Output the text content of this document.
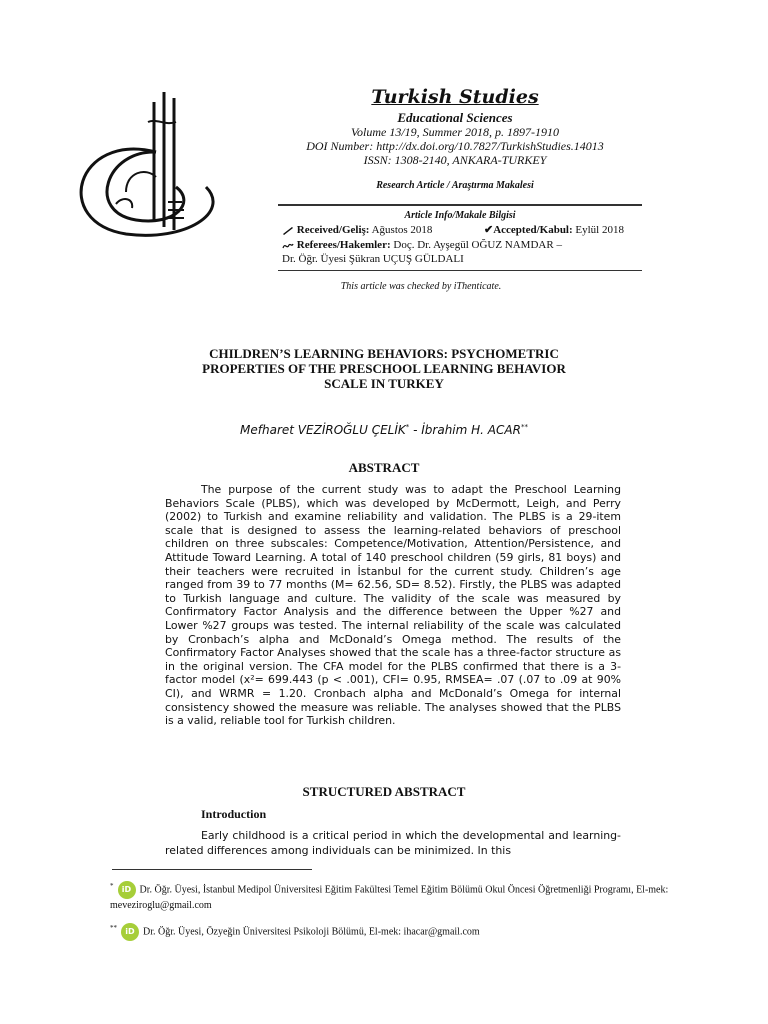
Turkish Studies
Educational Sciences
Volume 13/19, Summer 2018, p. 1897-1910
DOI Number: http://dx.doi.org/10.7827/TurkishStudies.14013
ISSN: 1308-2140, ANKARA-TURKEY
Research Article / Araştırma Makalesi
Article Info/Makale Bilgisi
Received/Geliş: Ağustos 2018	✔Accepted/Kabul: Eylül 2018
Referees/Hakemler: Doç. Dr. Ayşegül OĞUZ NAMDAR –
Dr. Öğr. Üyesi Şükran UÇUŞ GÜLDALI
This article was checked by iThenticate.
CHILDREN’S LEARNING BEHAVIORS: PSYCHOMETRIC
PROPERTIES OF THE PRESCHOOL LEARNING BEHAVIOR
SCALE IN TURKEY
Mefharet VEZİROĞLU ÇELİK* - İbrahim H. ACAR**
ABSTRACT

The purpose of the current study was to adapt the Preschool Learning Behaviors Scale (PLBS), which was developed by McDermott, Leigh, and Perry (2002) to Turkish and examine reliability and validation. The PLBS is a 29-item scale that is designed to assess the learning-related behaviors of preschool children on three subscales: Competence/Motivation, Attention/Persistence, and Attitude Toward Learning. A total of 140 preschool children (59 girls, 81 boys) and their teachers were recruited in İstanbul for the current study. Children’s age ranged from 39 to 77 months (M= 62.56, SD= 8.52). Firstly, the PLBS was adapted to Turkish language and culture. The validity of the scale was measured by Confirmatory Factor Analysis and the difference between the Upper %27 and Lower %27 groups was tested. The internal reliability of the scale was calculated by Cronbach’s alpha and McDonald’s Omega method. The results of the Confirmatory Factor Analyses showed that the scale has a three-factor structure as in the original version. The CFA model for the PLBS confirmed that there is a 3-factor model (x²= 699.443 (p < .001), CFI= 0.95, RMSEA= .07 (.07 to .09 at 90% CI), and WRMR = 1.20. Cronbach alpha and McDonald’s Omega for internal consistency showed the measure was reliable. The analyses showed that the PLBS is a valid, reliable tool for Turkish children.

STRUCTURED ABSTRACT
Introduction

Early childhood is a critical period in which the developmental and learning-related differences among individuals can be minimized. In this

* iD Dr. Öğr. Üyesi, İstanbul Medipol Üniversitesi Eğitim Fakültesi Temel Eğitim Bölümü Okul Öncesi Öğretmenliği Programı, El-mek: meveziroglu@gmail.com
** iD Dr. Öğr. Üyesi, Özyeğin Üniversitesi Psikoloji Bölümü, El-mek: ihacar@gmail.com
